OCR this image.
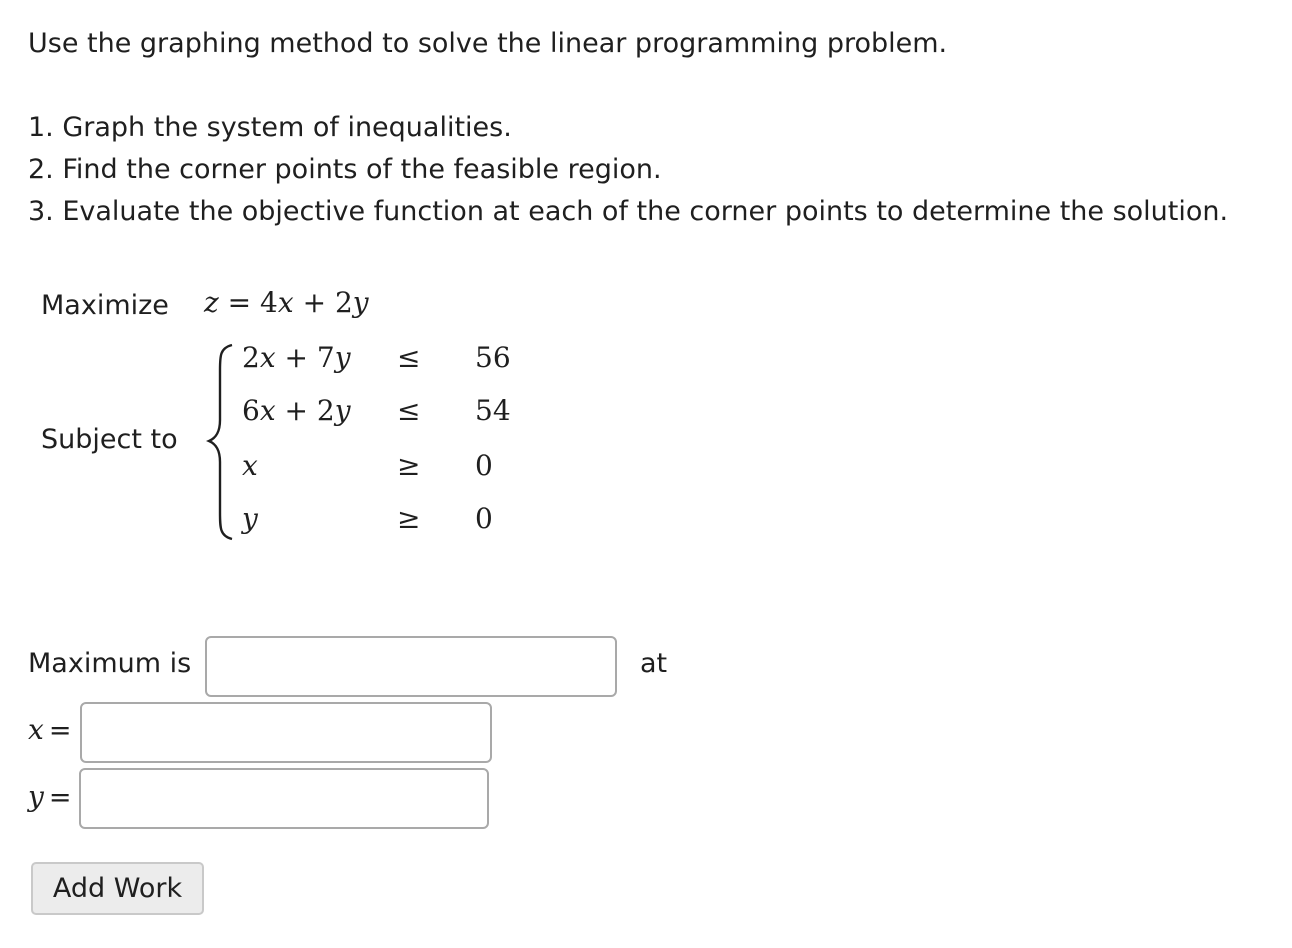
Use the graphing method to solve the linear programming problem.
1. Graph the system of inequalities.
2. Find the corner points of the feasible region.
3. Evaluate the objective function at each of the corner points to determine the solution.
Maximize z = 4x + 2y
Subject to
2x + 7y ≤ 56
6x + 2y ≤ 54
x	≥ 0
y	≥ 0
Maximum is	at
x =
y =
Add Work
